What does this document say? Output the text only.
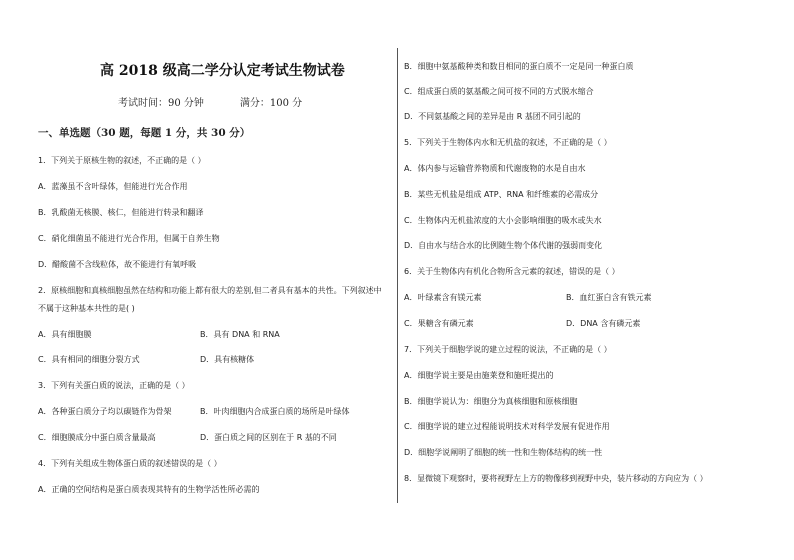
高 2018 级高二学分认定考试生物试卷
考试时间：90 分钟	满分：100 分
一、单选题（30 题，每题 1 分，共 30 分）
1．下列关于原核生物的叙述，不正确的是（ ）
A．蓝藻虽不含叶绿体，但能进行光合作用
B．乳酸菌无核膜、核仁，但能进行转录和翻译
C．硝化细菌虽不能进行光合作用，但属于自养生物
D．醋酸菌不含线粒体，故不能进行有氧呼吸
2．原核细胞和真核细胞虽然在结构和功能上都有很大的差别,但二者具有基本的共性。下列叙述中
不属于这种基本共性的是( )
A．具有细胞膜	B．具有 DNA 和 RNA
C．具有相同的细胞分裂方式	D．具有核糖体
3．下列有关蛋白质的说法，正确的是（ ）
A．各种蛋白质分子均以碳链作为骨架	B．叶肉细胞内合成蛋白质的场所是叶绿体
C．细胞膜成分中蛋白质含量最高	D．蛋白质之间的区别在于 R 基的不同
4．下列有关组成生物体蛋白质的叙述错误的是（ ）
A．正确的空间结构是蛋白质表现其特有的生物学活性所必需的
B．细胞中氨基酸种类和数目相同的蛋白质不一定是同一种蛋白质
C．组成蛋白质的氨基酸之间可按不同的方式脱水缩合
D．不同氨基酸之间的差异是由 R 基团不同引起的
5．下列关于生物体内水和无机盐的叙述，不正确的是（ ）
A．体内参与运输营养物质和代谢废物的水是自由水
B．某些无机盐是组成 ATP、RNA 和纤维素的必需成分
C．生物体内无机盐浓度的大小会影响细胞的吸水或失水
D．自由水与结合水的比例随生物个体代谢的强弱而变化
6．关于生物体内有机化合物所含元素的叙述，错误的是（ ）
A．叶绿素含有镁元素	B．血红蛋白含有铁元素
C．果糖含有磷元素	D．DNA 含有磷元素
7．下列关于细胞学说的建立过程的说法，不正确的是（ ）
A．细胞学说主要是由施莱登和施旺提出的
B．细胞学说认为：细胞分为真核细胞和原核细胞
C．细胞学说的建立过程能说明技术对科学发展有促进作用
D．细胞学说阐明了细胞的统一性和生物体结构的统一性
8．显微镜下观察时，要将视野左上方的物像移到视野中央，装片移动的方向应为（ ）
